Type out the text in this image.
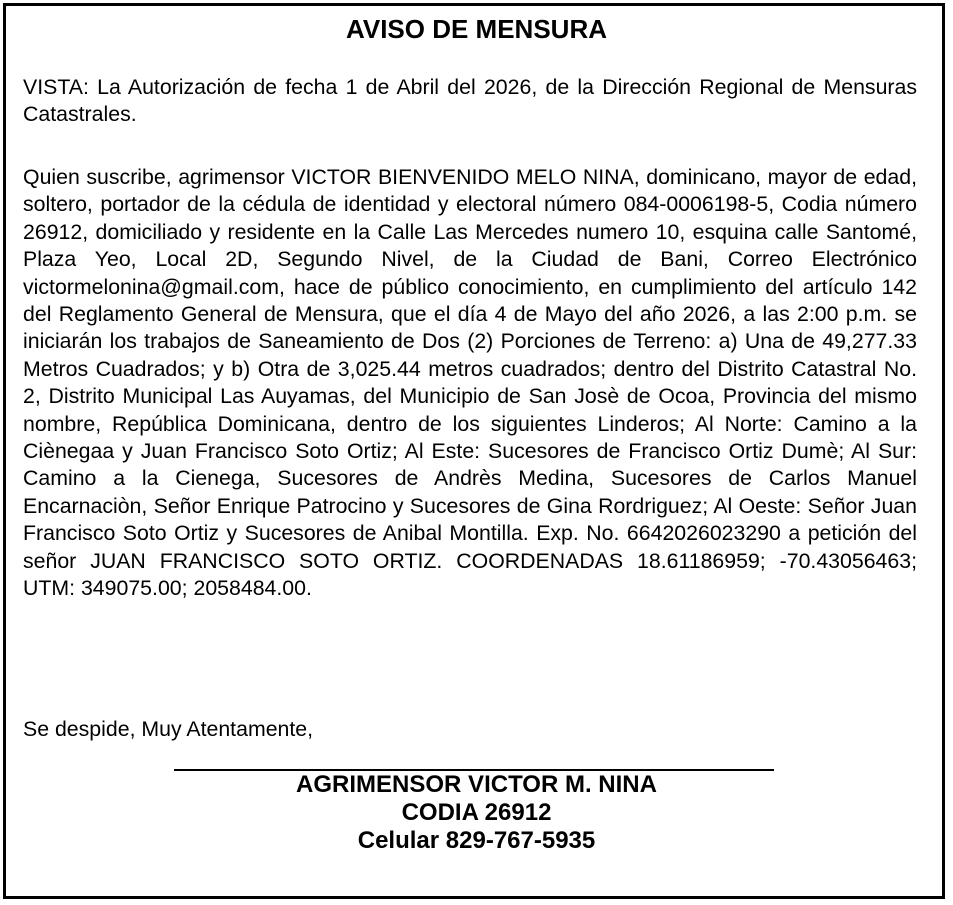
AVISO DE MENSURA

VISTA: La Autorización de fecha 1 de Abril del 2026, de la Dirección Regional de Mensuras Catastrales.

Quien suscribe, agrimensor VICTOR BIENVENIDO MELO NINA, dominicano, mayor de edad, soltero, portador de la cédula de identidad y electoral número 084-0006198-5, Codia número 26912, domiciliado y residente en la Calle Las Mercedes numero 10, esquina calle Santomé, Plaza Yeo, Local 2D, Segundo Nivel, de la Ciudad de Bani, Correo Electrónico victormelonina@gmail.com, hace de público conocimiento, en cumplimiento del artículo 142 del Reglamento General de Mensura, que el día 4 de Mayo del año 2026, a las 2:00 p.m. se iniciarán los trabajos de Saneamiento de Dos (2) Porciones de Terreno: a) Una de 49,277.33 Metros Cuadrados; y b) Otra de 3,025.44 metros cuadrados; dentro del Distrito Catastral No. 2, Distrito Municipal Las Auyamas, del Municipio de San Josè de Ocoa, Provincia del mismo nombre, República Dominicana, dentro de los siguientes Linderos; Al Norte: Camino a la Ciènegaa y Juan Francisco Soto Ortiz; Al Este: Sucesores de Francisco Ortiz Dumè; Al Sur: Camino a la Cienega, Sucesores de Andrès Medina, Sucesores de Carlos Manuel Encarnaciòn, Señor Enrique Patrocino y Sucesores de Gina Rordriguez; Al Oeste: Señor Juan Francisco Soto Ortiz y Sucesores de Anibal Montilla. Exp. No. 6642026023290 a petición del señor JUAN FRANCISCO SOTO ORTIZ. COORDENADAS 18.61186959; -70.43056463; UTM: 349075.00; 2058484.00.

Se despide, Muy Atentamente,

AGRIMENSOR VICTOR M. NINA
CODIA 26912
Celular 829-767-5935
